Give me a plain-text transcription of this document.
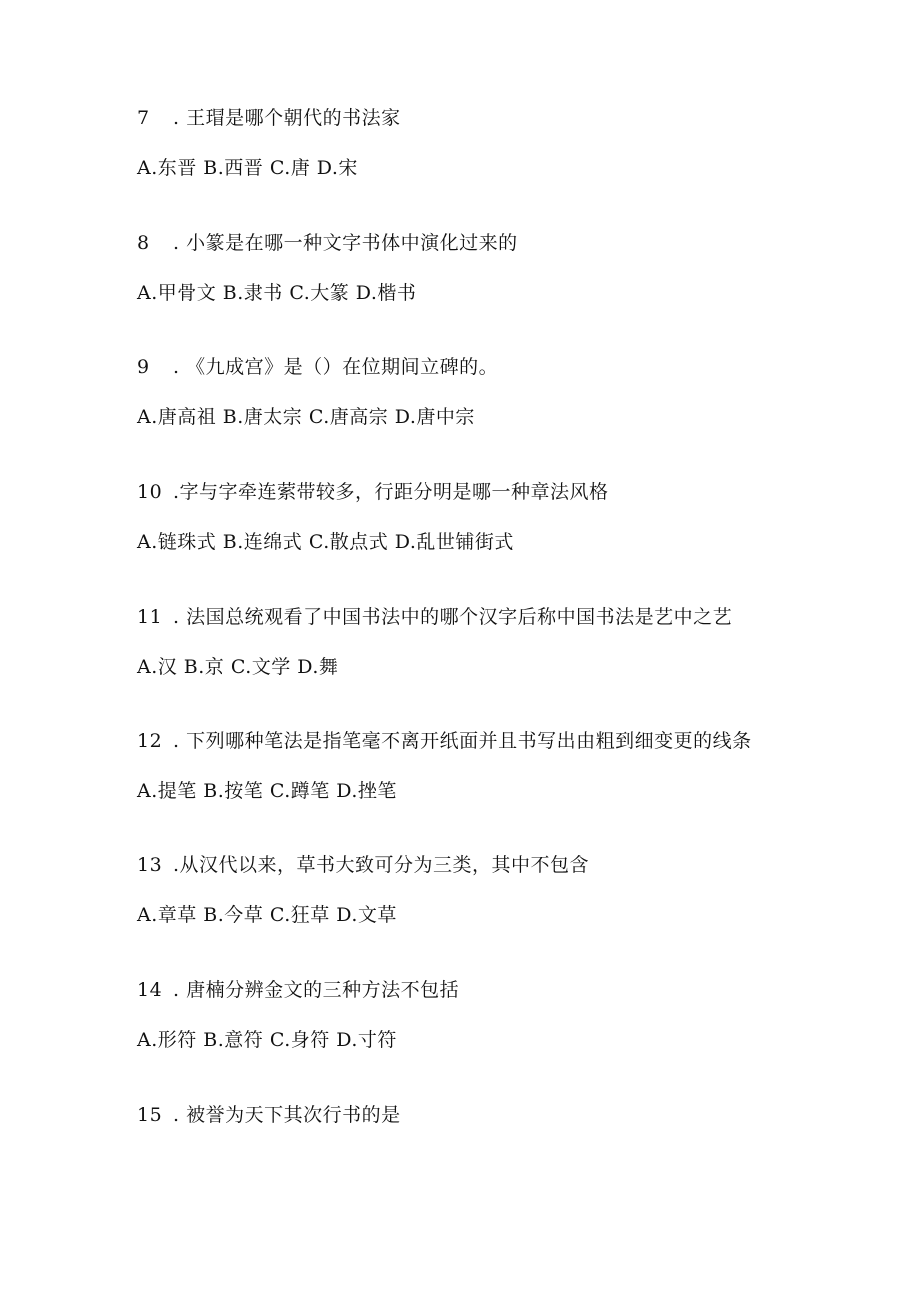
7 . 王瑁是哪个朝代的书法家
A.东晋 B.西晋 C.唐 D.宋
8 . 小篆是在哪一种文字书体中演化过来的
A.甲骨文 B.隶书 C.大篆 D.楷书
9 . 《九成宫》是（）在位期间立碑的。
A.唐高祖 B.唐太宗 C.唐高宗 D.唐中宗
10 .字与字牵连萦带较多，行距分明是哪一种章法风格
A.链珠式 B.连绵式 C.散点式 D.乱世铺街式
11 . 法国总统观看了中国书法中的哪个汉字后称中国书法是艺中之艺
A.汉 B.京 C.文学 D.舞
12 . 下列哪种笔法是指笔毫不离开纸面并且书写出由粗到细变更的线条
A.提笔 B.按笔 C.蹲笔 D.挫笔
13 .从汉代以来，草书大致可分为三类，其中不包含
A.章草 B.今草 C.狂草 D.文草
14 . 唐楠分辨金文的三种方法不包括
A.形符 B.意符 C.身符 D.寸符
15 . 被誉为天下其次行书的是
